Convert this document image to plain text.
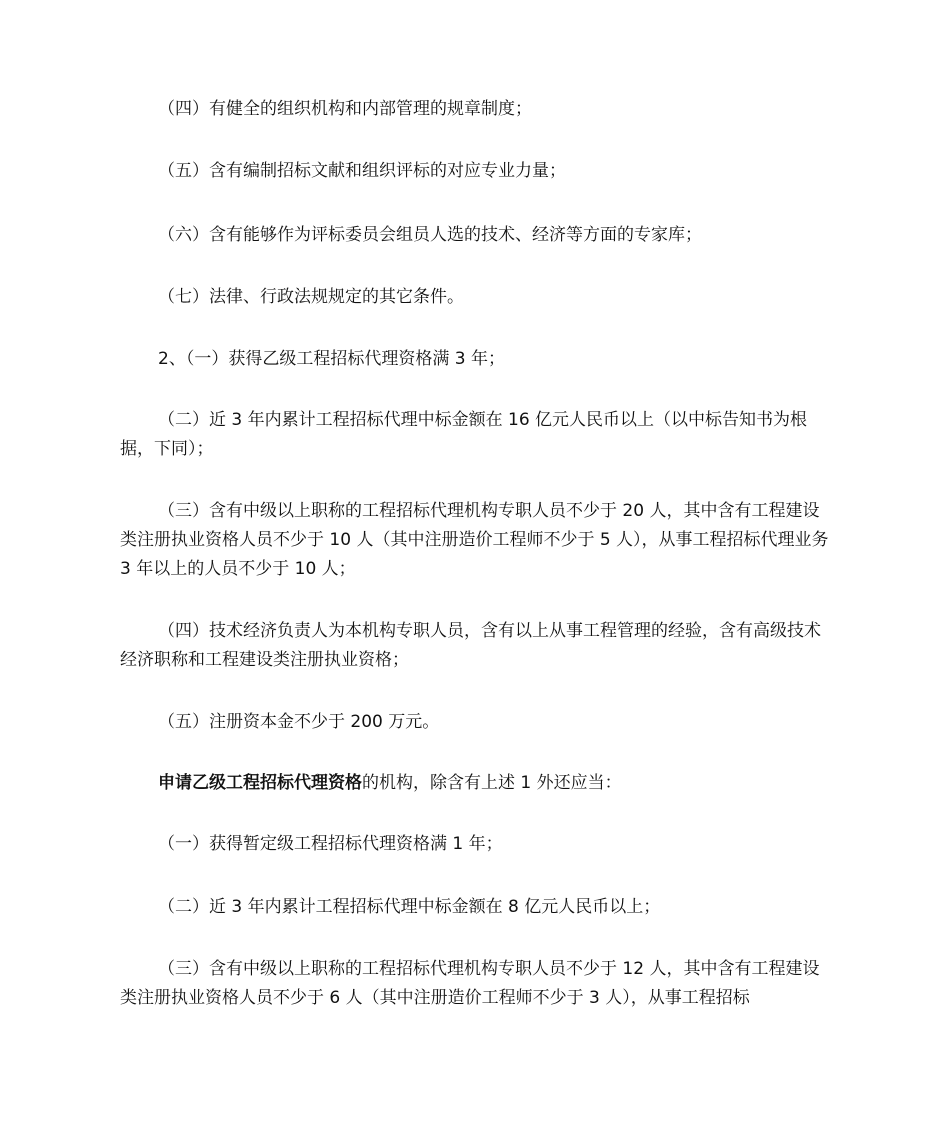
（四）有健全的组织机构和内部管理的规章制度；
（五）含有编制招标文献和组织评标的对应专业力量；
（六）含有能够作为评标委员会组员人选的技术、经济等方面的专家库；
（七）法律、行政法规规定的其它条件。
2、（一）获得乙级工程招标代理资格满 3 年；
（二）近 3 年内累计工程招标代理中标金额在 16 亿元人民币以上（以中标告知书为根据，下同）；
（三）含有中级以上职称的工程招标代理机构专职人员不少于 20 人，其中含有工程建设类注册执业资格人员不少于 10 人（其中注册造价工程师不少于 5 人），从事工程招标代理业务 3 年以上的人员不少于 10 人；
（四）技术经济负责人为本机构专职人员，含有以上从事工程管理的经验，含有高级技术经济职称和工程建设类注册执业资格；
（五）注册资本金不少于 200 万元。
申请乙级工程招标代理资格的机构，除含有上述 1 外还应当：
（一）获得暂定级工程招标代理资格满 1 年；
（二）近 3 年内累计工程招标代理中标金额在 8 亿元人民币以上；
（三）含有中级以上职称的工程招标代理机构专职人员不少于 12 人，其中含有工程建设类注册执业资格人员不少于 6 人（其中注册造价工程师不少于 3 人），从事工程招标
